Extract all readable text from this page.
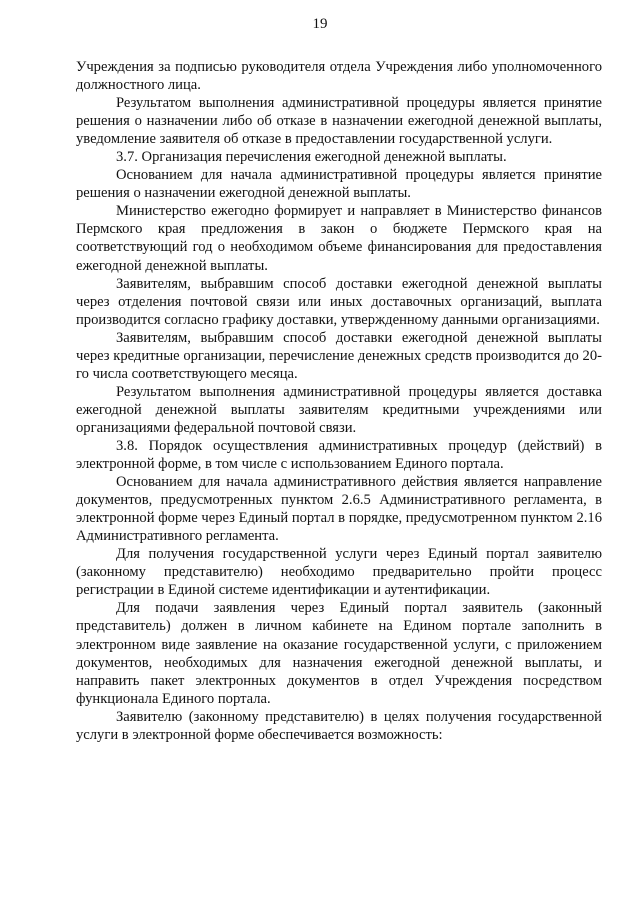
19

Учреждения за подписью руководителя отдела Учреждения либо уполномоченного должностного лица.

Результатом выполнения административной процедуры является принятие решения о назначении либо об отказе в назначении ежегодной денежной выплаты, уведомление заявителя об отказе в предоставлении государственной услуги.

3.7. Организация перечисления ежегодной денежной выплаты.

Основанием для начала административной процедуры является принятие решения о назначении ежегодной денежной выплаты.

Министерство ежегодно формирует и направляет в Министерство финансов Пермского края предложения в закон о бюджете Пермского края на соответствующий год о необходимом объеме финансирования для предоставления ежегодной денежной выплаты.

Заявителям, выбравшим способ доставки ежегодной денежной выплаты через отделения почтовой связи или иных доставочных организаций, выплата производится согласно графику доставки, утвержденному данными организациями.

Заявителям, выбравшим способ доставки ежегодной денежной выплаты через кредитные организации, перечисление денежных средств производится до 20-го числа соответствующего месяца.

Результатом выполнения административной процедуры является доставка ежегодной денежной выплаты заявителям кредитными учреждениями или организациями федеральной почтовой связи.

3.8. Порядок осуществления административных процедур (действий) в электронной форме, в том числе с использованием Единого портала.

Основанием для начала административного действия является направление документов, предусмотренных пунктом 2.6.5 Административного регламента, в электронной форме через Единый портал в порядке, предусмотренном пунктом 2.16 Административного регламента.

Для получения государственной услуги через Единый портал заявителю (законному представителю) необходимо предварительно пройти процесс регистрации в Единой системе идентификации и аутентификации.

Для подачи заявления через Единый портал заявитель (законный представитель) должен в личном кабинете на Едином портале заполнить в электронном виде заявление на оказание государственной услуги, с приложением документов, необходимых для назначения ежегодной денежной выплаты, и направить пакет электронных документов в отдел Учреждения посредством функционала Единого портала.

Заявителю (законному представителю) в целях получения государственной услуги в электронной форме обеспечивается возможность:
